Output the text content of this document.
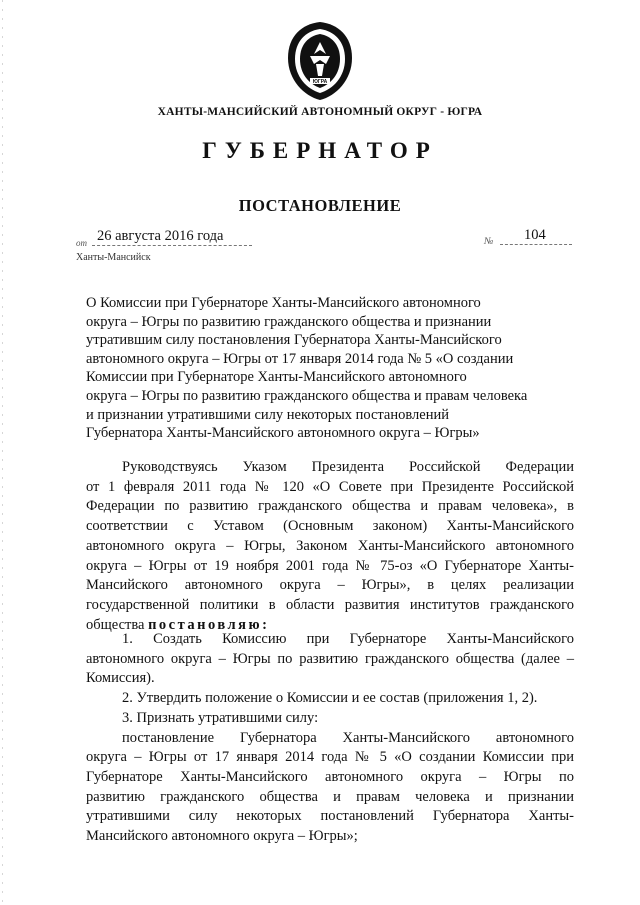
ЮГРА
ХАНТЫ-МАНСИЙСКИЙ АВТОНОМНЫЙ ОКРУГ - ЮГРА
ГУБЕРНАТОР
ПОСТАНОВЛЕНИЕ
от 26 августа 2016 года	№ 104
Ханты-Мансийск
О Комиссии при Губернаторе Ханты-Мансийского автономного
округа – Югры по развитию гражданского общества и признании
утратившим силу постановления Губернатора Ханты-Мансийского
автономного округа – Югры от 17 января 2014 года № 5 «О создании
Комиссии при Губернаторе Ханты-Мансийского автономного
округа – Югры по развитию гражданского общества и правам человека
и признании утратившими силу некоторых постановлений
Губернатора Ханты-Мансийского автономного округа – Югры»
Руководствуясь Указом Президента Российской Федерации
от 1 февраля 2011 года № 120 «О Совете при Президенте Российской
Федерации по развитию гражданского общества и правам человека», в
соответствии с Уставом (Основным законом) Ханты-Мансийского
автономного округа – Югры, Законом Ханты-Мансийского автономного
округа – Югры от 19 ноября 2001 года № 75-оз «О Губернаторе Ханты-
Мансийского автономного округа – Югры», в целях реализации
государственной политики в области развития институтов гражданского
общества постановляю:
1. Создать Комиссию при Губернаторе Ханты-Мансийского
автономного округа – Югры по развитию гражданского общества (далее –
Комиссия).
2. Утвердить положение о Комиссии и ее состав (приложения 1, 2).
3. Признать утратившими силу:
постановление Губернатора Ханты-Мансийского автономного
округа – Югры от 17 января 2014 года № 5 «О создании Комиссии при
Губернаторе Ханты-Мансийского автономного округа – Югры по
развитию гражданского общества и правам человека и признании
утратившими силу некоторых постановлений Губернатора Ханты-
Мансийского автономного округа – Югры»;
